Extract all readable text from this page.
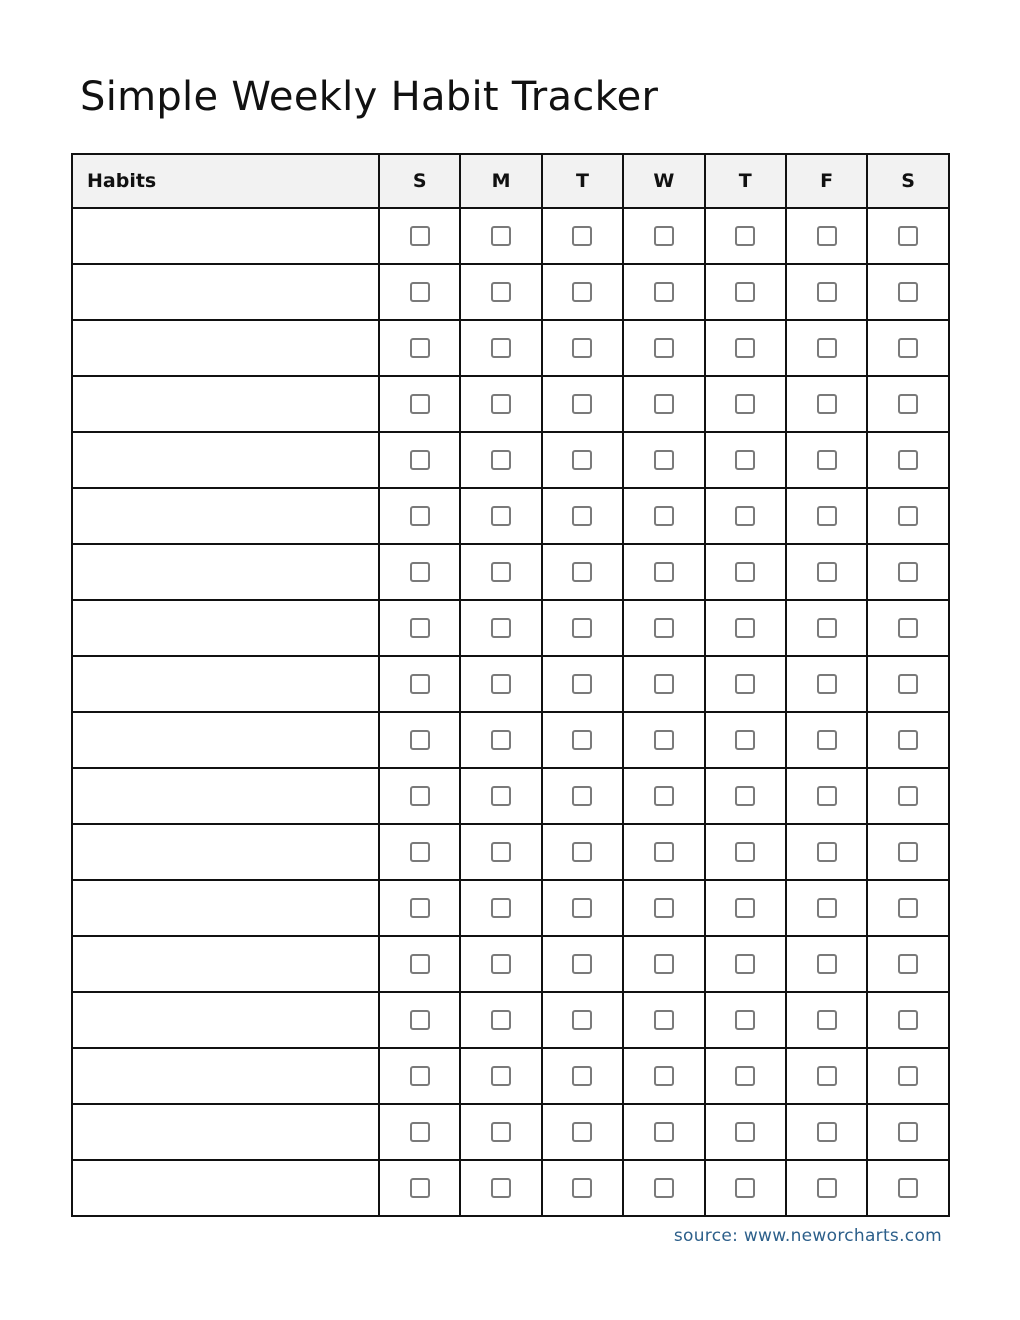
Simple Weekly Habit Tracker
Habits	S	M	T	W	T	F	S

source: www.neworcharts.com
